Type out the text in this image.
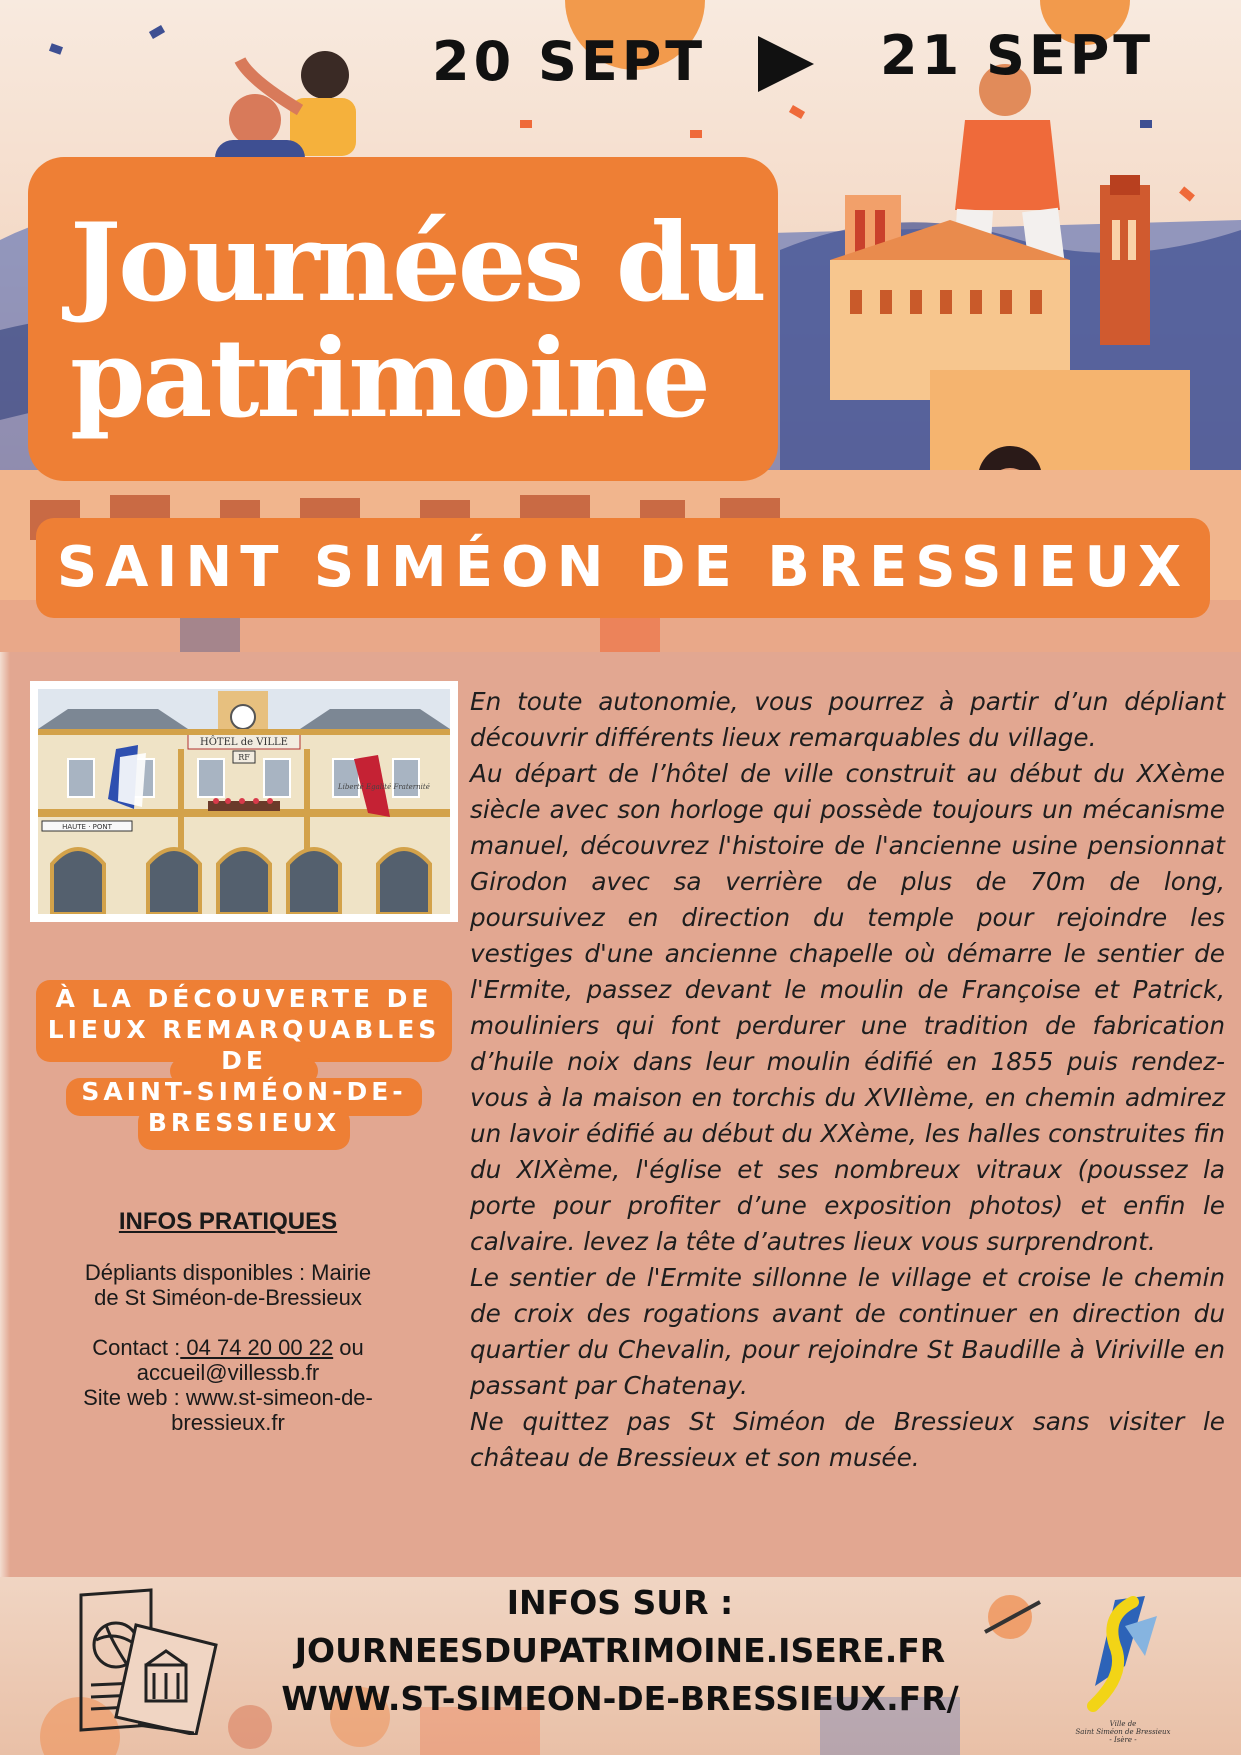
20 SEPT	21 SEPT
Journées du
patrimoine
SAINT SIMÉON DE BRESSIEUX
HÔTEL de VILLE
RF
Liberté Egalité Fraternité
HAUTE · PONT
À LA DÉCOUVERTE DE
LIEUX REMARQUABLES
DE
SAINT-SIMÉON-DE-
BRESSIEUX
INFOS PRATIQUES
Dépliants disponibles : Mairie
de St Siméon-de-Bressieux
Contact : 04 74 20 00 22 ou
accueil@villessb.fr
Site web : www.st-simeon-de-
bressieux.fr

En toute autonomie, vous pourrez à partir d’un dépliant découvrir différents lieux remarquables du village.

Au départ de l’hôtel de ville construit au début du XXème siècle avec son horloge qui possède toujours un mécanisme manuel, découvrez l'histoire de l'ancienne usine pensionnat Girodon avec sa verrière de plus de 70m de long, poursuivez en direction du temple pour rejoindre les vestiges d'une ancienne chapelle où démarre le sentier de l'Ermite, passez devant le moulin de Françoise et Patrick, mouliniers qui font perdurer une tradition de fabrication d’huile noix dans leur moulin édifié en 1855 puis rendez-vous à la maison en torchis du XVIIème, en chemin admirez un lavoir édifié au début du XXème, les halles construites fin du XIXème, l'église et ses nombreux vitraux (poussez la porte pour profiter d’une exposition photos) et enfin le calvaire. levez la tête d’autres lieux vous surprendront.

Le sentier de l'Ermite sillonne le village et croise le chemin de croix des rogations avant de continuer en direction du quartier du Chevalin, pour rejoindre St Baudille à Viriville en passant par Chatenay.

Ne quittez pas St Siméon de Bressieux sans visiter le château de Bressieux et son musée.

INFOS SUR :
JOURNEESDUPATRIMOINE.ISERE.FR
WWW.ST-SIMEON-DE-BRESSIEUX.FR/
Ville de
Saint Siméon de Bressieux
- Isère -
